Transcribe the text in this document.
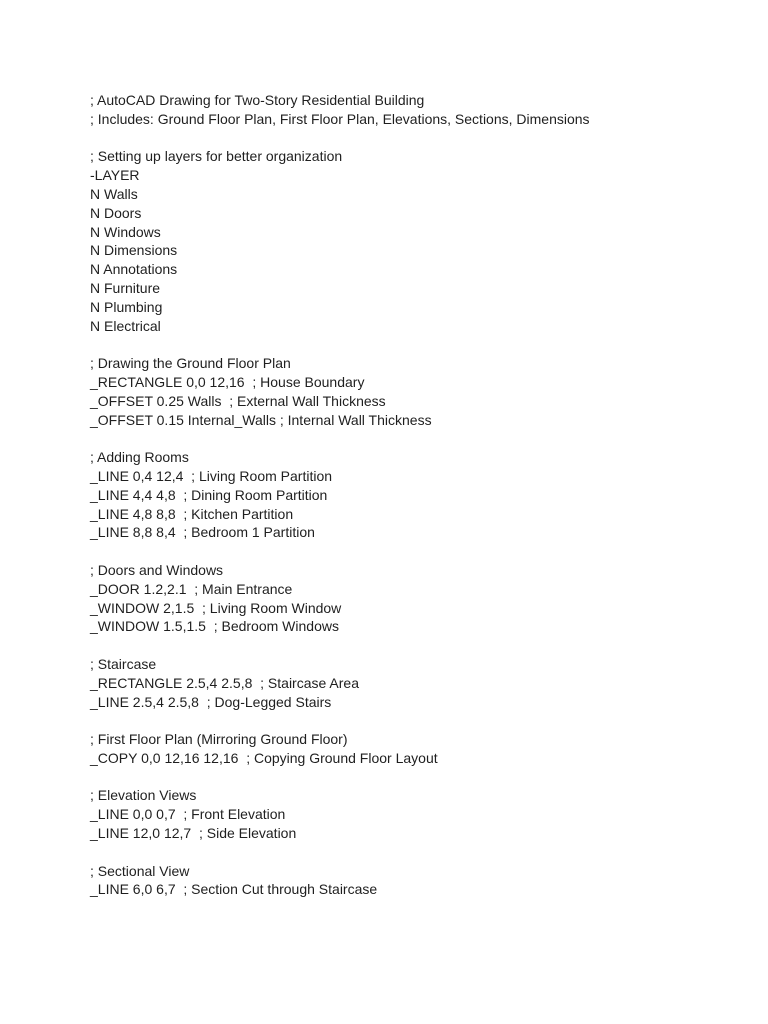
; AutoCAD Drawing for Two-Story Residential Building
; Includes: Ground Floor Plan, First Floor Plan, Elevations, Sections, Dimensions
; Setting up layers for better organization
-LAYER
N Walls
N Doors
N Windows
N Dimensions
N Annotations
N Furniture
N Plumbing
N Electrical
; Drawing the Ground Floor Plan
_RECTANGLE 0,0 12,16  ; House Boundary
_OFFSET 0.25 Walls  ; External Wall Thickness
_OFFSET 0.15 Internal_Walls ; Internal Wall Thickness
; Adding Rooms
_LINE 0,4 12,4  ; Living Room Partition
_LINE 4,4 4,8  ; Dining Room Partition
_LINE 4,8 8,8  ; Kitchen Partition
_LINE 8,8 8,4  ; Bedroom 1 Partition
; Doors and Windows
_DOOR 1.2,2.1  ; Main Entrance
_WINDOW 2,1.5  ; Living Room Window
_WINDOW 1.5,1.5  ; Bedroom Windows
; Staircase
_RECTANGLE 2.5,4 2.5,8  ; Staircase Area
_LINE 2.5,4 2.5,8  ; Dog-Legged Stairs
; First Floor Plan (Mirroring Ground Floor)
_COPY 0,0 12,16 12,16  ; Copying Ground Floor Layout
; Elevation Views
_LINE 0,0 0,7  ; Front Elevation
_LINE 12,0 12,7  ; Side Elevation
; Sectional View
_LINE 6,0 6,7  ; Section Cut through Staircase
